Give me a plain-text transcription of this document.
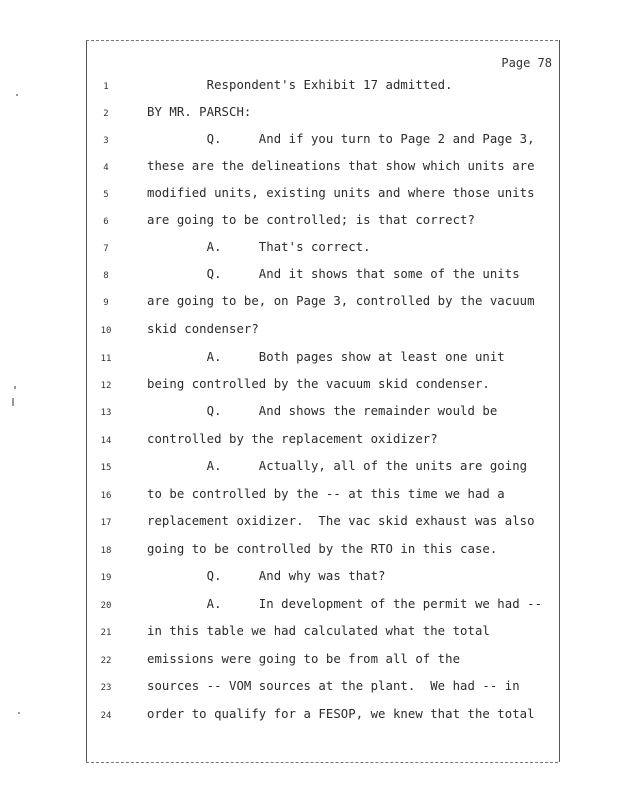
Page 78
1	Respondent's Exhibit 17 admitted.
2	BY MR. PARSCH:
3	Q.     And if you turn to Page 2 and Page 3,
4	these are the delineations that show which units are
5	modified units, existing units and where those units
6	are going to be controlled; is that correct?
7	A.     That's correct.
8	Q.     And it shows that some of the units
9	are going to be, on Page 3, controlled by the vacuum
10	skid condenser?
11	A.     Both pages show at least one unit
12	being controlled by the vacuum skid condenser.
13	Q.     And shows the remainder would be
14	controlled by the replacement oxidizer?
15	A.     Actually, all of the units are going
16	to be controlled by the -- at this time we had a
17	replacement oxidizer.  The vac skid exhaust was also
18	going to be controlled by the RTO in this case.
19	Q.     And why was that?
20	A.     In development of the permit we had --
21	in this table we had calculated what the total
22	emissions were going to be from all of the
23	sources -- VOM sources at the plant.  We had -- in
24	order to qualify for a FESOP, we knew that the total
